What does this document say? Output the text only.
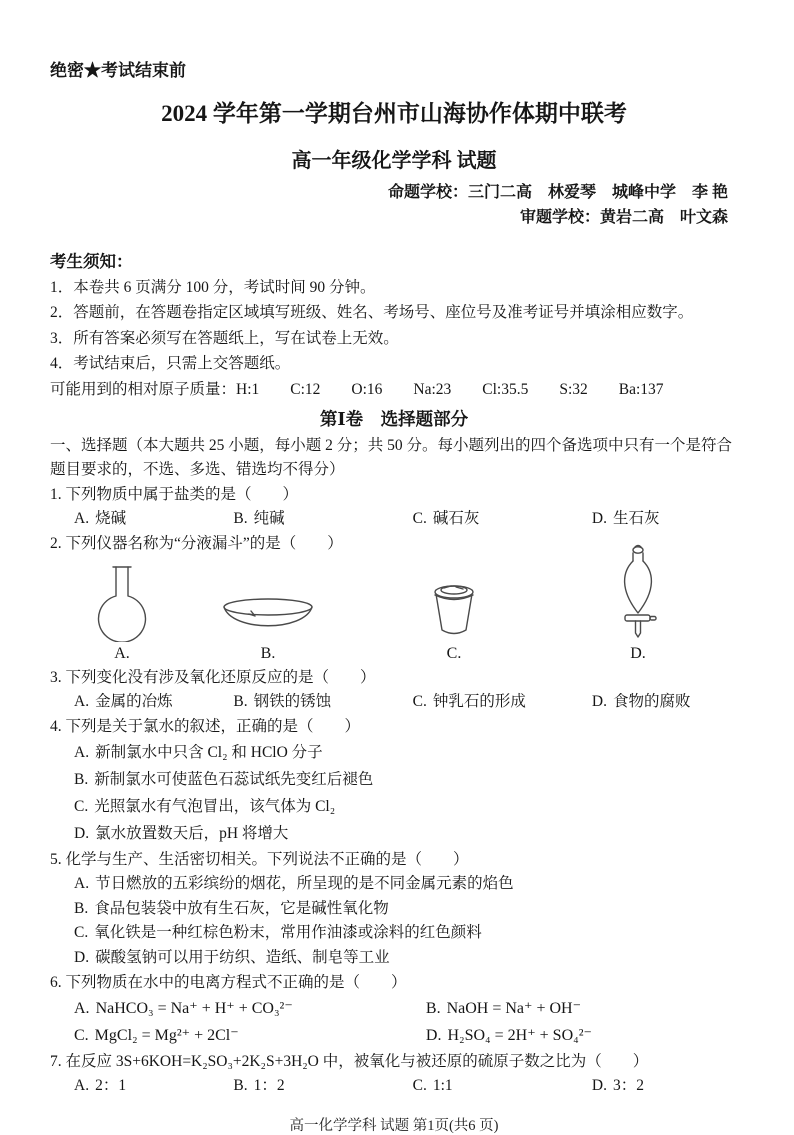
绝密★考试结束前
2024 学年第一学期台州市山海协作体期中联考
高一年级化学学科 试题
命题学校：三门二高　林爱琴　城峰中学　李 艳
审题学校：黄岩二高　叶文森
考生须知：
1．本卷共 6 页满分 100 分，考试时间 90 分钟。
2．答题前，在答题卷指定区域填写班级、姓名、考场号、座位号及准考证号并填涂相应数字。
3．所有答案必须写在答题纸上，写在试卷上无效。
4．考试结束后，只需上交答题纸。
可能用到的相对原子质量：H:1　　C:12　　O:16　　Na:23　　Cl:35.5　　S:32　　Ba:137
第Ⅰ卷　选择题部分
一、选择题（本大题共 25 小题，每小题 2 分；共 50 分。每小题列出的四个备选项中只有一个是符合题目要求的，不选、多选、错选均不得分）
1. 下列物质中属于盐类的是（　　）
A. 烧碱	B. 纯碱	C. 碱石灰	D. 生石灰
2. 下列仪器名称为“分液漏斗”的是（　　）
A.	B.	C.	D.
3. 下列变化没有涉及氧化还原反应的是（　　）
A. 金属的冶炼	B. 钢铁的锈蚀	C. 钟乳石的形成	D. 食物的腐败
4. 下列是关于氯水的叙述，正确的是（　　）
A. 新制氯水中只含 Cl₂ 和 HClO 分子
B. 新制氯水可使蓝色石蕊试纸先变红后褪色
C. 光照氯水有气泡冒出，该气体为 Cl₂
D. 氯水放置数天后，pH 将增大
5. 化学与生产、生活密切相关。下列说法不正确的是（　　）
A. 节日燃放的五彩缤纷的烟花，所呈现的是不同金属元素的焰色
B. 食品包装袋中放有生石灰，它是碱性氧化物
C. 氧化铁是一种红棕色粉末，常用作油漆或涂料的红色颜料
D. 碳酸氢钠可以用于纺织、造纸、制皂等工业
6. 下列物质在水中的电离方程式不正确的是（　　）
A. NaHCO₃ = Na⁺ + H⁺ + CO₃²⁻	B. NaOH = Na⁺ + OH⁻
C. MgCl₂ = Mg²⁺ + 2Cl⁻	D. H₂SO₄ = 2H⁺ + SO₄²⁻
7. 在反应 3S+6KOH=K₂SO₃+2K₂S+3H₂O 中，被氧化与被还原的硫原子数之比为（　　）
A. 2：1	B. 1：2	C. 1:1	D. 3：2
高一化学学科 试题 第1页(共6 页)
